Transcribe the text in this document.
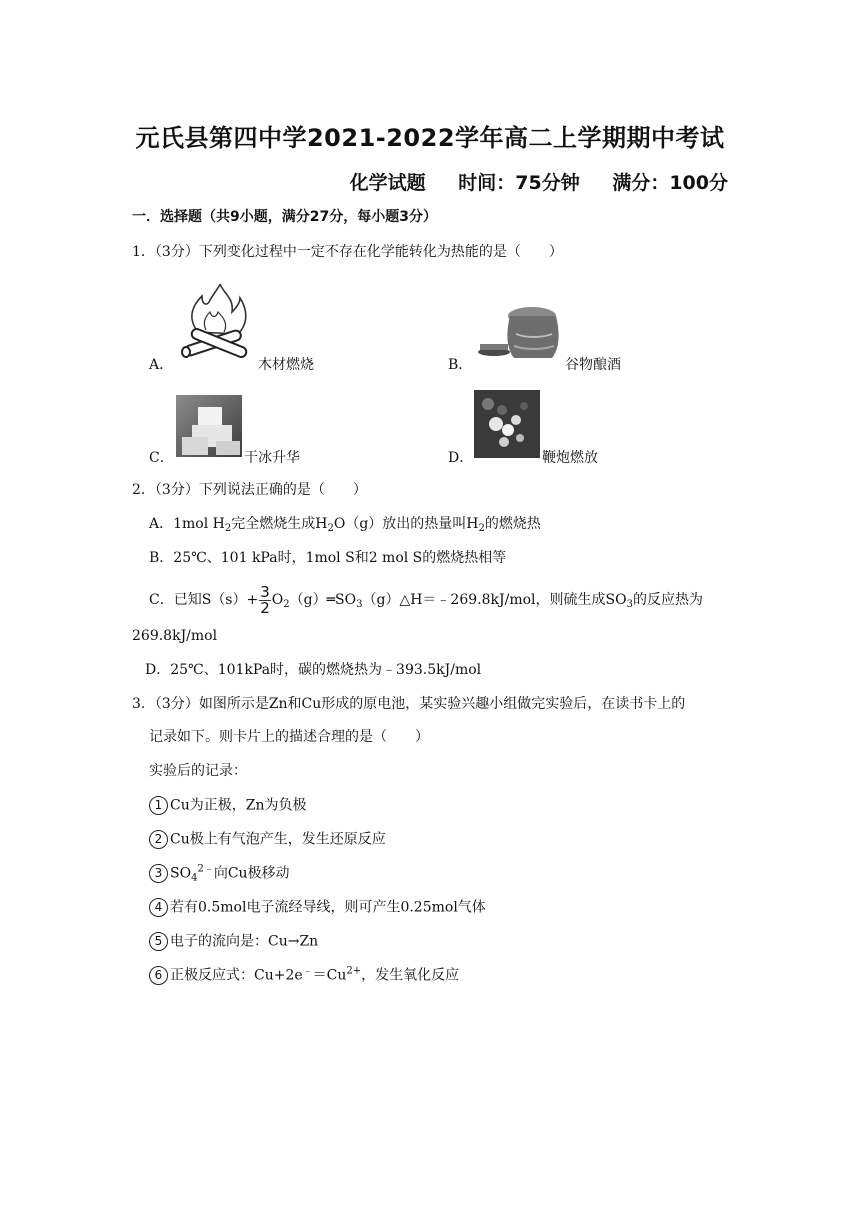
元氏县第四中学2021-2022学年高二上学期期中考试
化学试题 时间：75分钟 满分：100分
一．选择题（共9小题，满分27分，每小题3分）
1．（3分）下列变化过程中一定不存在化学能转化为热能的是（　　）
A．	木材燃烧	B．	谷物酿酒
C．	干冰升华	D．	鞭炮燃放
2．（3分）下列说法正确的是（　　）
A．1mol $H_2$完全燃烧生成$H_2O(g)$放出的热量叫$H_2$的燃烧热
B．25℃、101 kPa时，1mol S和2 mol S的燃烧热相等
C．已知$S(s)+ \frac{3}{2}$ $O_2(g)═SO_3(g)\triangle H=﹣269.8kJ$/mol，则硫生成$SO_3$的反应热为
269.8kJ/mol
D．25℃、101kPa时，碳的燃烧热为﹣393.5kJ/mol
3．（3分）如图所示是Zn和Cu形成的原电池，某实验兴趣小组做完实验后，在读书卡上的
记录如下。则卡片上的描述合理的是（　　）
实验后的记录：
1 Cu为正极，Zn为负极
2 Cu极上有气泡产生，发生还原反应
3 $SO_4^{2﹣}$向Cu极移动
4 若有0.5mol电子流经导线，则可产生0.25mol气体
5 电子的流向是：Cu→Zn
6 正极反应式：$Cu+2e^﹣=Cu^{2+}$，发生氧化反应
